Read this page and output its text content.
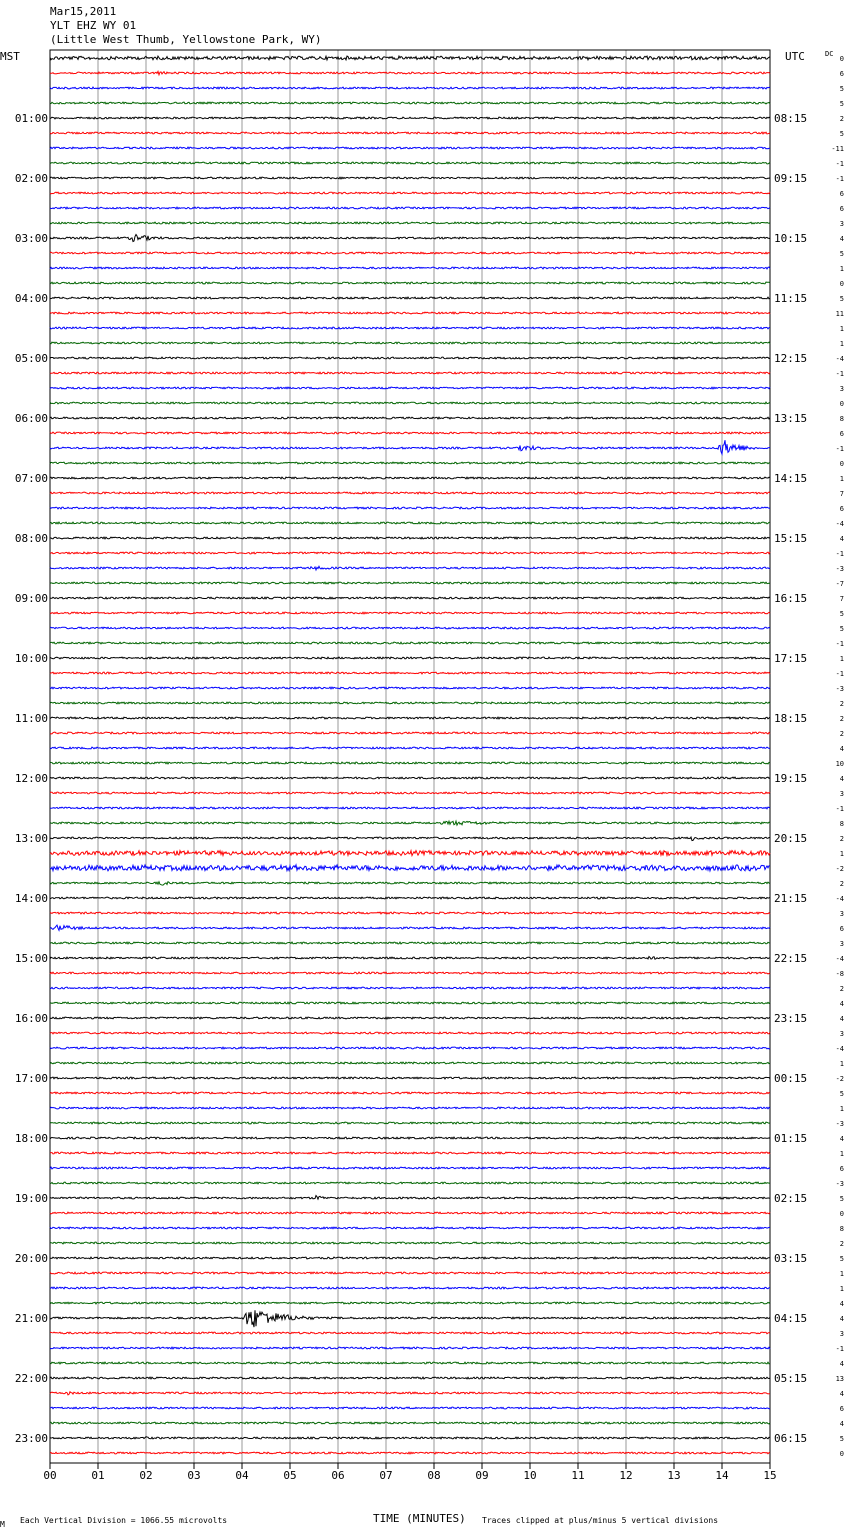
Mar15,2011
YLT EHZ WY 01
(Little West Thumb, Yellowstone Park, WY)
MST	UTC	DC
01:00
02:00
03:00
04:00
05:00
06:00
07:00
08:00
09:00
10:00
11:00
12:00
13:00
14:00
15:00
16:00
17:00
18:00
19:00
20:00
21:00
22:00
23:00
08:15
09:15
10:15
11:15
12:15
13:15
14:15
15:15
16:15
17:15
18:15
19:15
20:15
21:15
22:15
23:15
00:15
01:15
02:15
03:15
04:15
05:15
06:15
0
6
5
5
2
5
-11
-1
-1
6
6
3
4
5
1
0
5
11
1
1
-4
-1
3
0
8
6
-1
0
1
7
6
-4
4
-1
-3
-7
7
5
5
-1
1
-1
-3
2
2
2
4
10
4
3
-1
8
2
1
-2
2
-4
3
6
3
-4
-8
2
4
4
3
-4
1
-2
5
1
-3
4
1
6
-3
5
0
8
2
5
1
1
4
4
3
-1
4
13
4
6
4
5
0
00	01	02	03	04	05	06	07	08	09	10	11	12	13	14	15
M Each Vertical Division = 1066.55 microvolts	TIME (MINUTES) Traces clipped at plus/minus 5 vertical divisions
